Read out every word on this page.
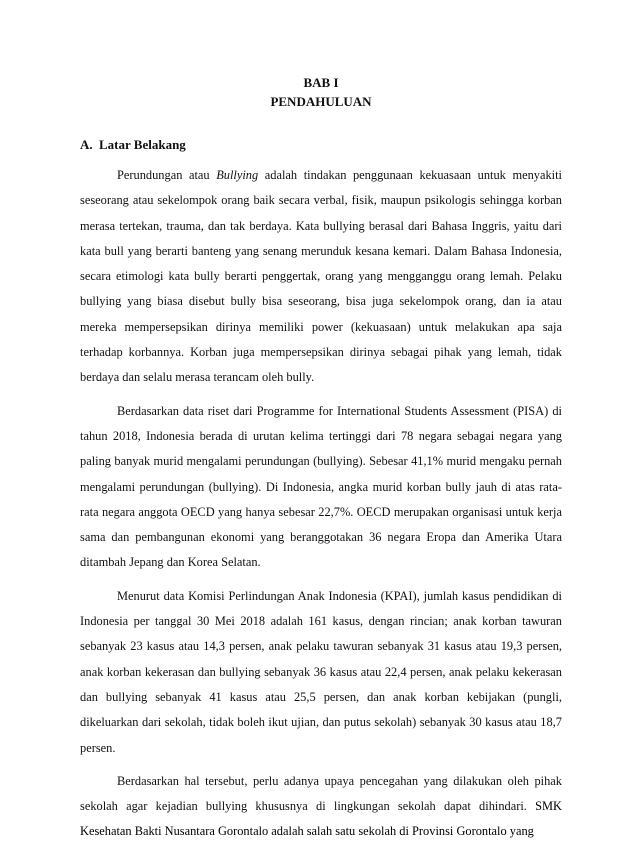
BAB I
PENDAHULUAN
A. Latar Belakang

Perundungan atau Bullying adalah tindakan penggunaan kekuasaan untuk menyakiti seseorang atau sekelompok orang baik secara verbal, fisik, maupun psikologis sehingga korban merasa tertekan, trauma, dan tak berdaya. Kata bullying berasal dari Bahasa Inggris, yaitu dari kata bull yang berarti banteng yang senang merunduk kesana kemari. Dalam Bahasa Indonesia, secara etimologi kata bully berarti penggertak, orang yang mengganggu orang lemah. Pelaku bullying yang biasa disebut bully bisa seseorang, bisa juga sekelompok orang, dan ia atau mereka mempersepsikan dirinya memiliki power (kekuasaan) untuk melakukan apa saja terhadap korbannya. Korban juga mempersepsikan dirinya sebagai pihak yang lemah, tidak berdaya dan selalu merasa terancam oleh bully.

Berdasarkan data riset dari Programme for International Students Assessment (PISA) di tahun 2018, Indonesia berada di urutan kelima tertinggi dari 78 negara sebagai negara yang paling banyak murid mengalami perundungan (bullying). Sebesar 41,1% murid mengaku pernah mengalami perundungan (bullying). Di Indonesia, angka murid korban bully jauh di atas rata-rata negara anggota OECD yang hanya sebesar 22,7%. OECD merupakan organisasi untuk kerja sama dan pembangunan ekonomi yang beranggotakan 36 negara Eropa dan Amerika Utara ditambah Jepang dan Korea Selatan.

Menurut data Komisi Perlindungan Anak Indonesia (KPAI), jumlah kasus pendidikan di Indonesia per tanggal 30 Mei 2018 adalah 161 kasus, dengan rincian; anak korban tawuran sebanyak 23 kasus atau 14,3 persen, anak pelaku tawuran sebanyak 31 kasus atau 19,3 persen, anak korban kekerasan dan bullying sebanyak 36 kasus atau 22,4 persen, anak pelaku kekerasan dan bullying sebanyak 41 kasus atau 25,5 persen, dan anak korban kebijakan (pungli, dikeluarkan dari sekolah, tidak boleh ikut ujian, dan putus sekolah) sebanyak 30 kasus atau 18,7 persen.

Berdasarkan hal tersebut, perlu adanya upaya pencegahan yang dilakukan oleh pihak sekolah agar kejadian bullying khususnya di lingkungan sekolah dapat dihindari. SMK Kesehatan Bakti Nusantara Gorontalo adalah salah satu sekolah di Provinsi Gorontalo yang
